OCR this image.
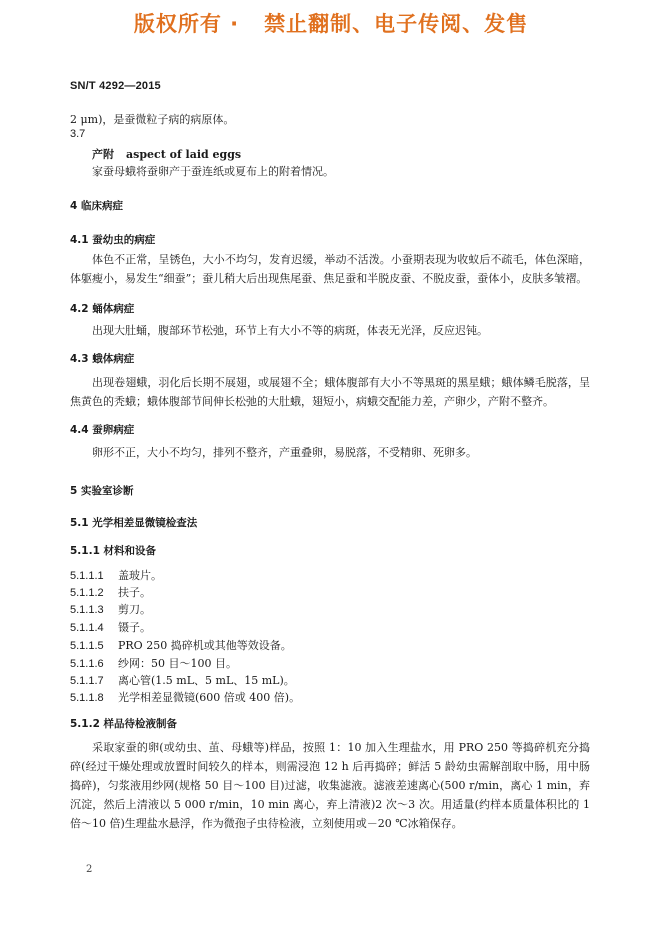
版权所有 ·   禁止翻制、电子传阅、发售
SN/T 4292—2015
2 μm)，是蚕微粒子病的病原体。
3.7
产附 aspect of laid eggs
家蚕母蛾将蚕卵产于蚕连纸或夏布上的附着情况。
4 临床病症
4.1 蚕幼虫的病症
体色不正常，呈锈色，大小不均匀，发育迟缓，举动不活泼。小蚕期表现为收蚁后不疏毛，体色深暗，体躯瘦小，易发生“细蚕”；蚕儿稍大后出现焦尾蚕、焦足蚕和半脱皮蚕、不脱皮蚕，蚕体小，皮肤多皱褶。
4.2 蛹体病症
出现大肚蛹，腹部环节松弛，环节上有大小不等的病斑，体表无光泽，反应迟钝。
4.3 蛾体病症
出现卷翅蛾，羽化后长期不展翅，或展翅不全；蛾体腹部有大小不等黑斑的黑星蛾；蛾体鳞毛脱落，呈焦黄色的秃蛾；蛾体腹部节间伸长松弛的大肚蛾，翅短小，病蛾交配能力差，产卵少，产附不整齐。
4.4 蚕卵病症
卵形不正，大小不均匀，排列不整齐，产重叠卵，易脱落，不受精卵、死卵多。
5 实验室诊断
5.1 光学相差显微镜检查法
5.1.1 材料和设备
5.1.1.1 盖玻片。
5.1.1.2 扶子。
5.1.1.3 剪刀。
5.1.1.4 镊子。
5.1.1.5 PRO 250 捣碎机或其他等效设备。
5.1.1.6 纱网：50 目～100 目。
5.1.1.7 离心管(1.5 mL、5 mL、15 mL)。
5.1.1.8 光学相差显微镜(600 倍或 400 倍)。
5.1.2 样品待检液制备
采取家蚕的卵(或幼虫、茧、母蛾等)样品，按照 1：10 加入生理盐水，用 PRO 250 等捣碎机充分捣碎(经过干燥处理或放置时间较久的样本，则需浸泡 12 h 后再捣碎；鲜活 5 龄幼虫需解剖取中肠，用中肠捣碎)，匀浆液用纱网(规格 50 目～100 目)过滤，收集滤液。滤液差速离心(500 r/min，离心 1 min，弃沉淀，然后上清液以 5 000 r/min，10 min 离心，弃上清液)2 次～3 次。用适量(约样本质量体积比的 1 倍～10 倍)生理盐水悬浮，作为微孢子虫待检液，立刻使用或－20 ℃冰箱保存。
2
